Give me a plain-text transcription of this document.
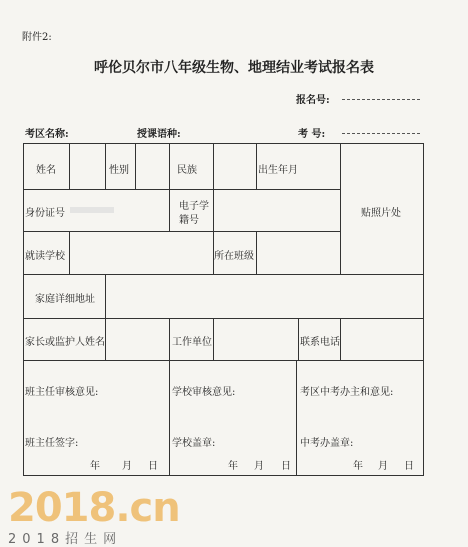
附件2:
呼伦贝尔市八年级生物、地理结业考试报名表
报名号:
考区名称:	授课语种:	考 号:
姓名	性别	民族	出生年月
贴照片处
身份证号
电子学
籍号
就读学校	所在班级
家庭详细地址
家长或监护人姓名	工作单位	联系电话
班主任审核意见:	学校审核意见:	考区中考办主和意见:
班主任签字:	学校盖章:	中考办盖章:
年 月 日	年 月 日	年 月 日
2018.cn
2018招生网
